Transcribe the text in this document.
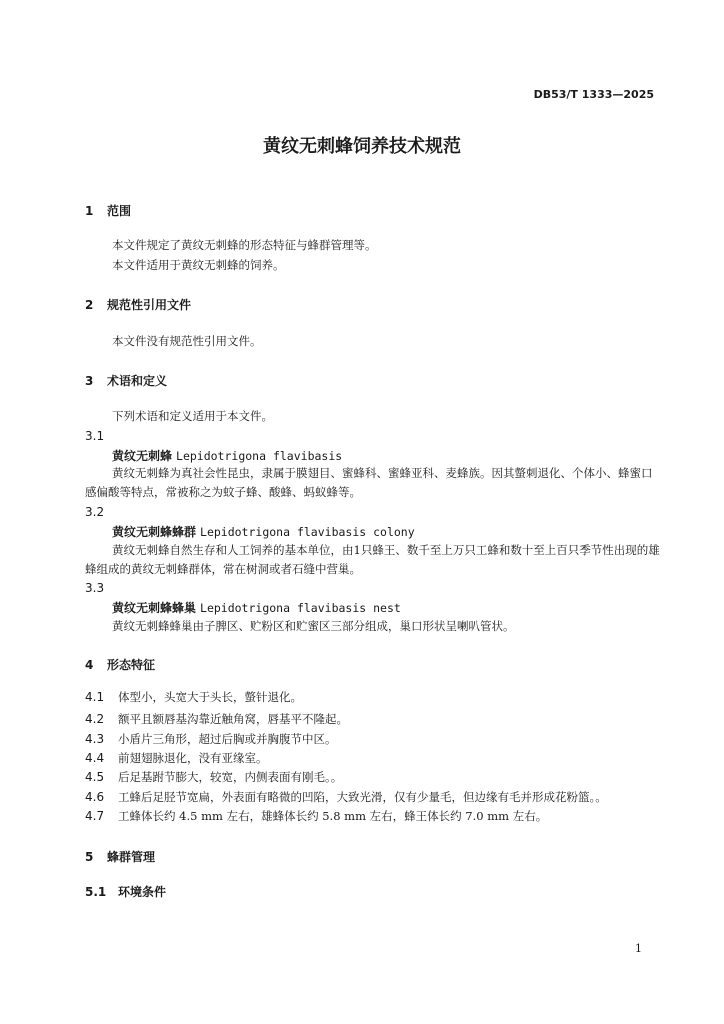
DB53/T 1333—2025
黄纹无刺蜂饲养技术规范
1 范围
本文件规定了黄纹无刺蜂的形态特征与蜂群管理等。
本文件适用于黄纹无刺蜂的饲养。
2 规范性引用文件
本文件没有规范性引用文件。
3 术语和定义
下列术语和定义适用于本文件。
3.1
黄纹无刺蜂 Lepidotrigona flavibasis
黄纹无刺蜂为真社会性昆虫，隶属于膜翅目、蜜蜂科、蜜蜂亚科、麦蜂族。因其螫刺退化、个体小、蜂蜜口感偏酸等特点，常被称之为蚊子蜂、酸蜂、蚂蚁蜂等。
3.2
黄纹无刺蜂蜂群 Lepidotrigona flavibasis colony
黄纹无刺蜂自然生存和人工饲养的基本单位，由1只蜂王、数千至上万只工蜂和数十至上百只季节性出现的雄蜂组成的黄纹无刺蜂群体，常在树洞或者石缝中营巢。
3.3
黄纹无刺蜂蜂巢 Lepidotrigona flavibasis nest
黄纹无刺蜂蜂巢由子脾区、贮粉区和贮蜜区三部分组成，巢口形状呈喇叭管状。
4 形态特征
4.1 体型小，头宽大于头长，螫针退化。
4.2 额平且额唇基沟靠近触角窝，唇基平不隆起。
4.3 小盾片三角形，超过后胸或并胸腹节中区。
4.4 前翅翅脉退化，没有亚缘室。
4.5 后足基跗节膨大，较宽，内侧表面有刚毛。。
4.6 工蜂后足胫节宽扁，外表面有略微的凹陷，大致光滑，仅有少量毛，但边缘有毛并形成花粉篮。。
4.7 工蜂体长约 4.5 mm 左右，雄蜂体长约 5.8 mm 左右，蜂王体长约 7.0 mm 左右。
5 蜂群管理
5.1 环境条件
1
